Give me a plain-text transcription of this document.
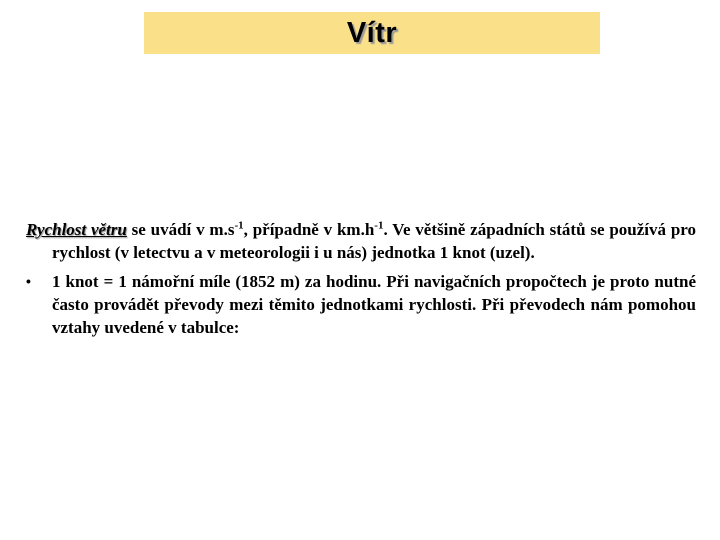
Vítr

Rychlost větru se uvádí v $m.s^{-1}$, případně v $km.h^{-1}$. Ve většině západních států se používá pro rychlost (v letectvu a v meteorologii i u nás) jednotka 1 knot (uzel).

•	1 knot = 1 námořní míle (1852 m) za hodinu. Při navigačních propočtech je proto nutné často provádět převody mezi těmito jednotkami rychlosti. Při převodech nám pomohou vztahy uvedené v tabulce:
